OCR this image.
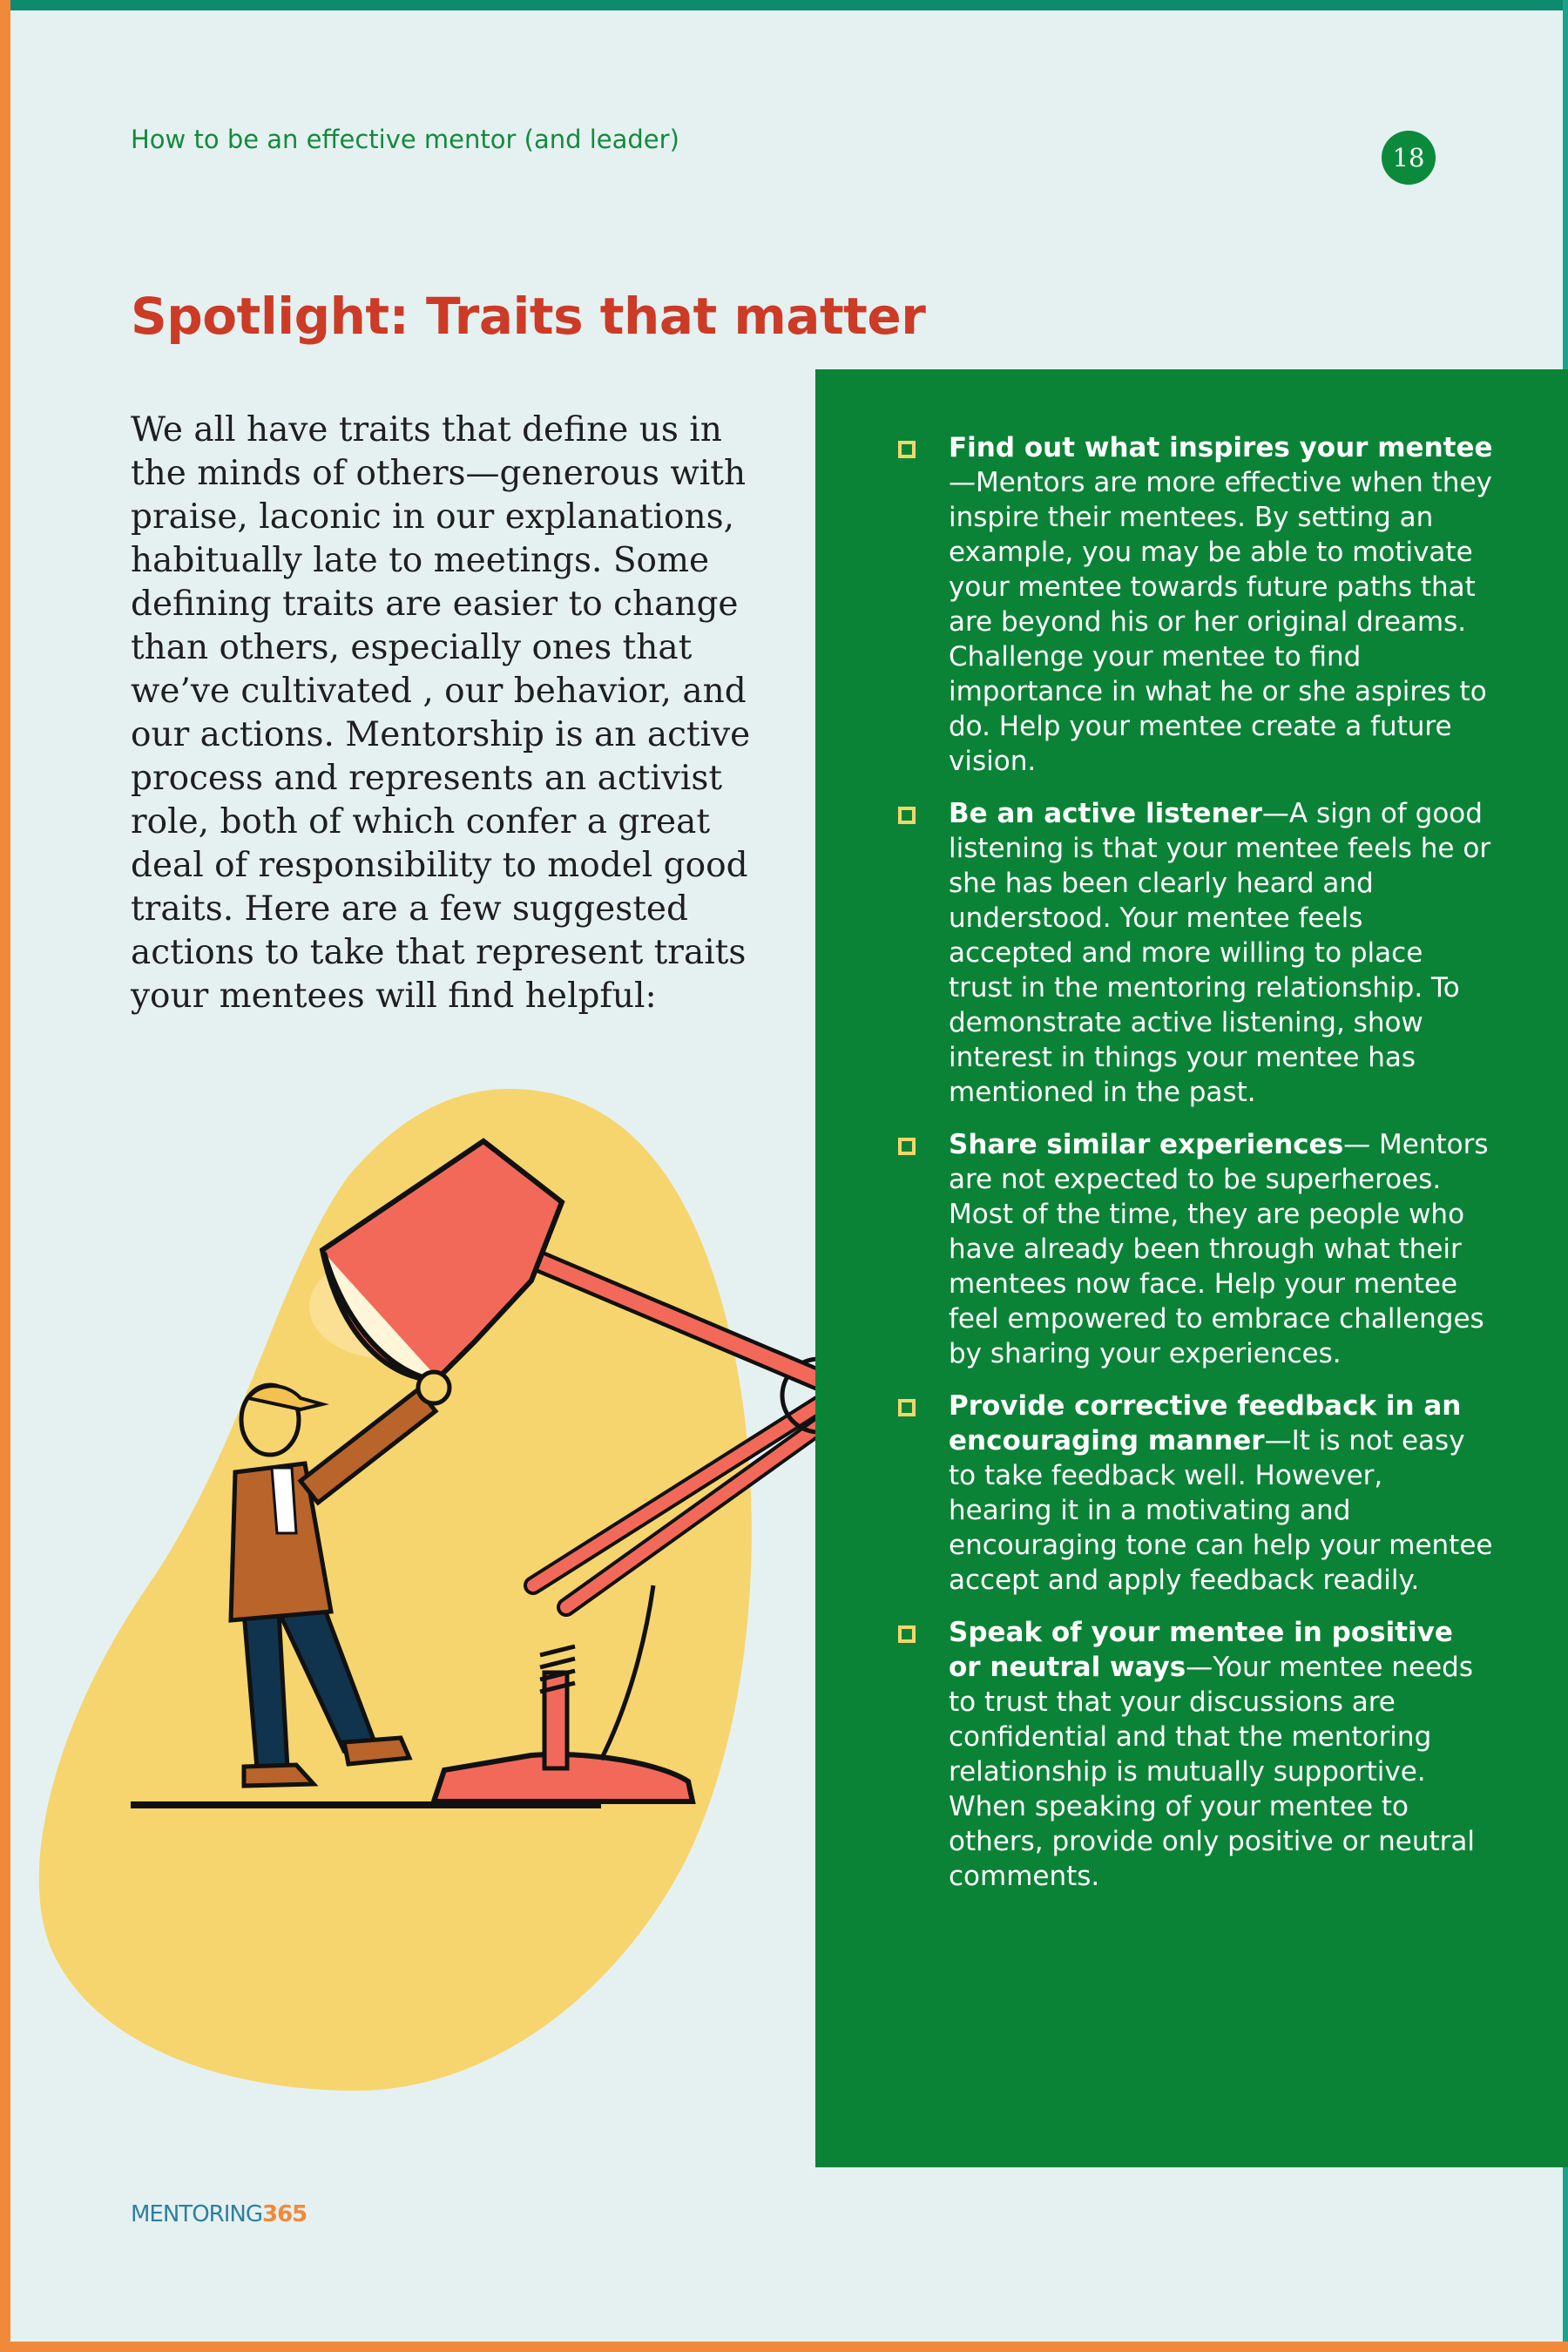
How to be an effective mentor (and leader)
18
Spotlight: Traits that matter

We all have traits that define us in the minds of others—generous with praise, laconic in our explanations, habitually late to meetings. Some defining traits are easier to change than others, especially ones that we’ve cultivated , our behavior, and our actions. Mentorship is an active process and represents an activist role, both of which confer a great deal of responsibility to model good traits. Here are a few suggested actions to take that represent traits your mentees will find helpful:

Find out what inspires your mentee—Mentors are more effective when they inspire their mentees. By setting an example, you may be able to motivate your mentee towards future paths that are beyond his or her original dreams. Challenge your mentee to find importance in what he or she aspires to do. Help your mentee create a future vision.
Be an active listener—A sign of good listening is that your mentee feels he or she has been clearly heard and understood. Your mentee feels accepted and more willing to place trust in the mentoring relationship. To demonstrate active listening, show interest in things your mentee has mentioned in the past.
Share similar experiences— Mentors are not expected to be superheroes. Most of the time, they are people who have already been through what their mentees now face. Help your mentee feel empowered to embrace challenges by sharing your experiences.
Provide corrective feedback in an encouraging manner—It is not easy to take feedback well. However, hearing it in a motivating and encouraging tone can help your mentee accept and apply feedback readily.
Speak of your mentee in positive or neutral ways—Your mentee needs to trust that your discussions are confidential and that the mentoring relationship is mutually supportive. When speaking of your mentee to others, provide only positive or neutral comments.
MENTORING365
